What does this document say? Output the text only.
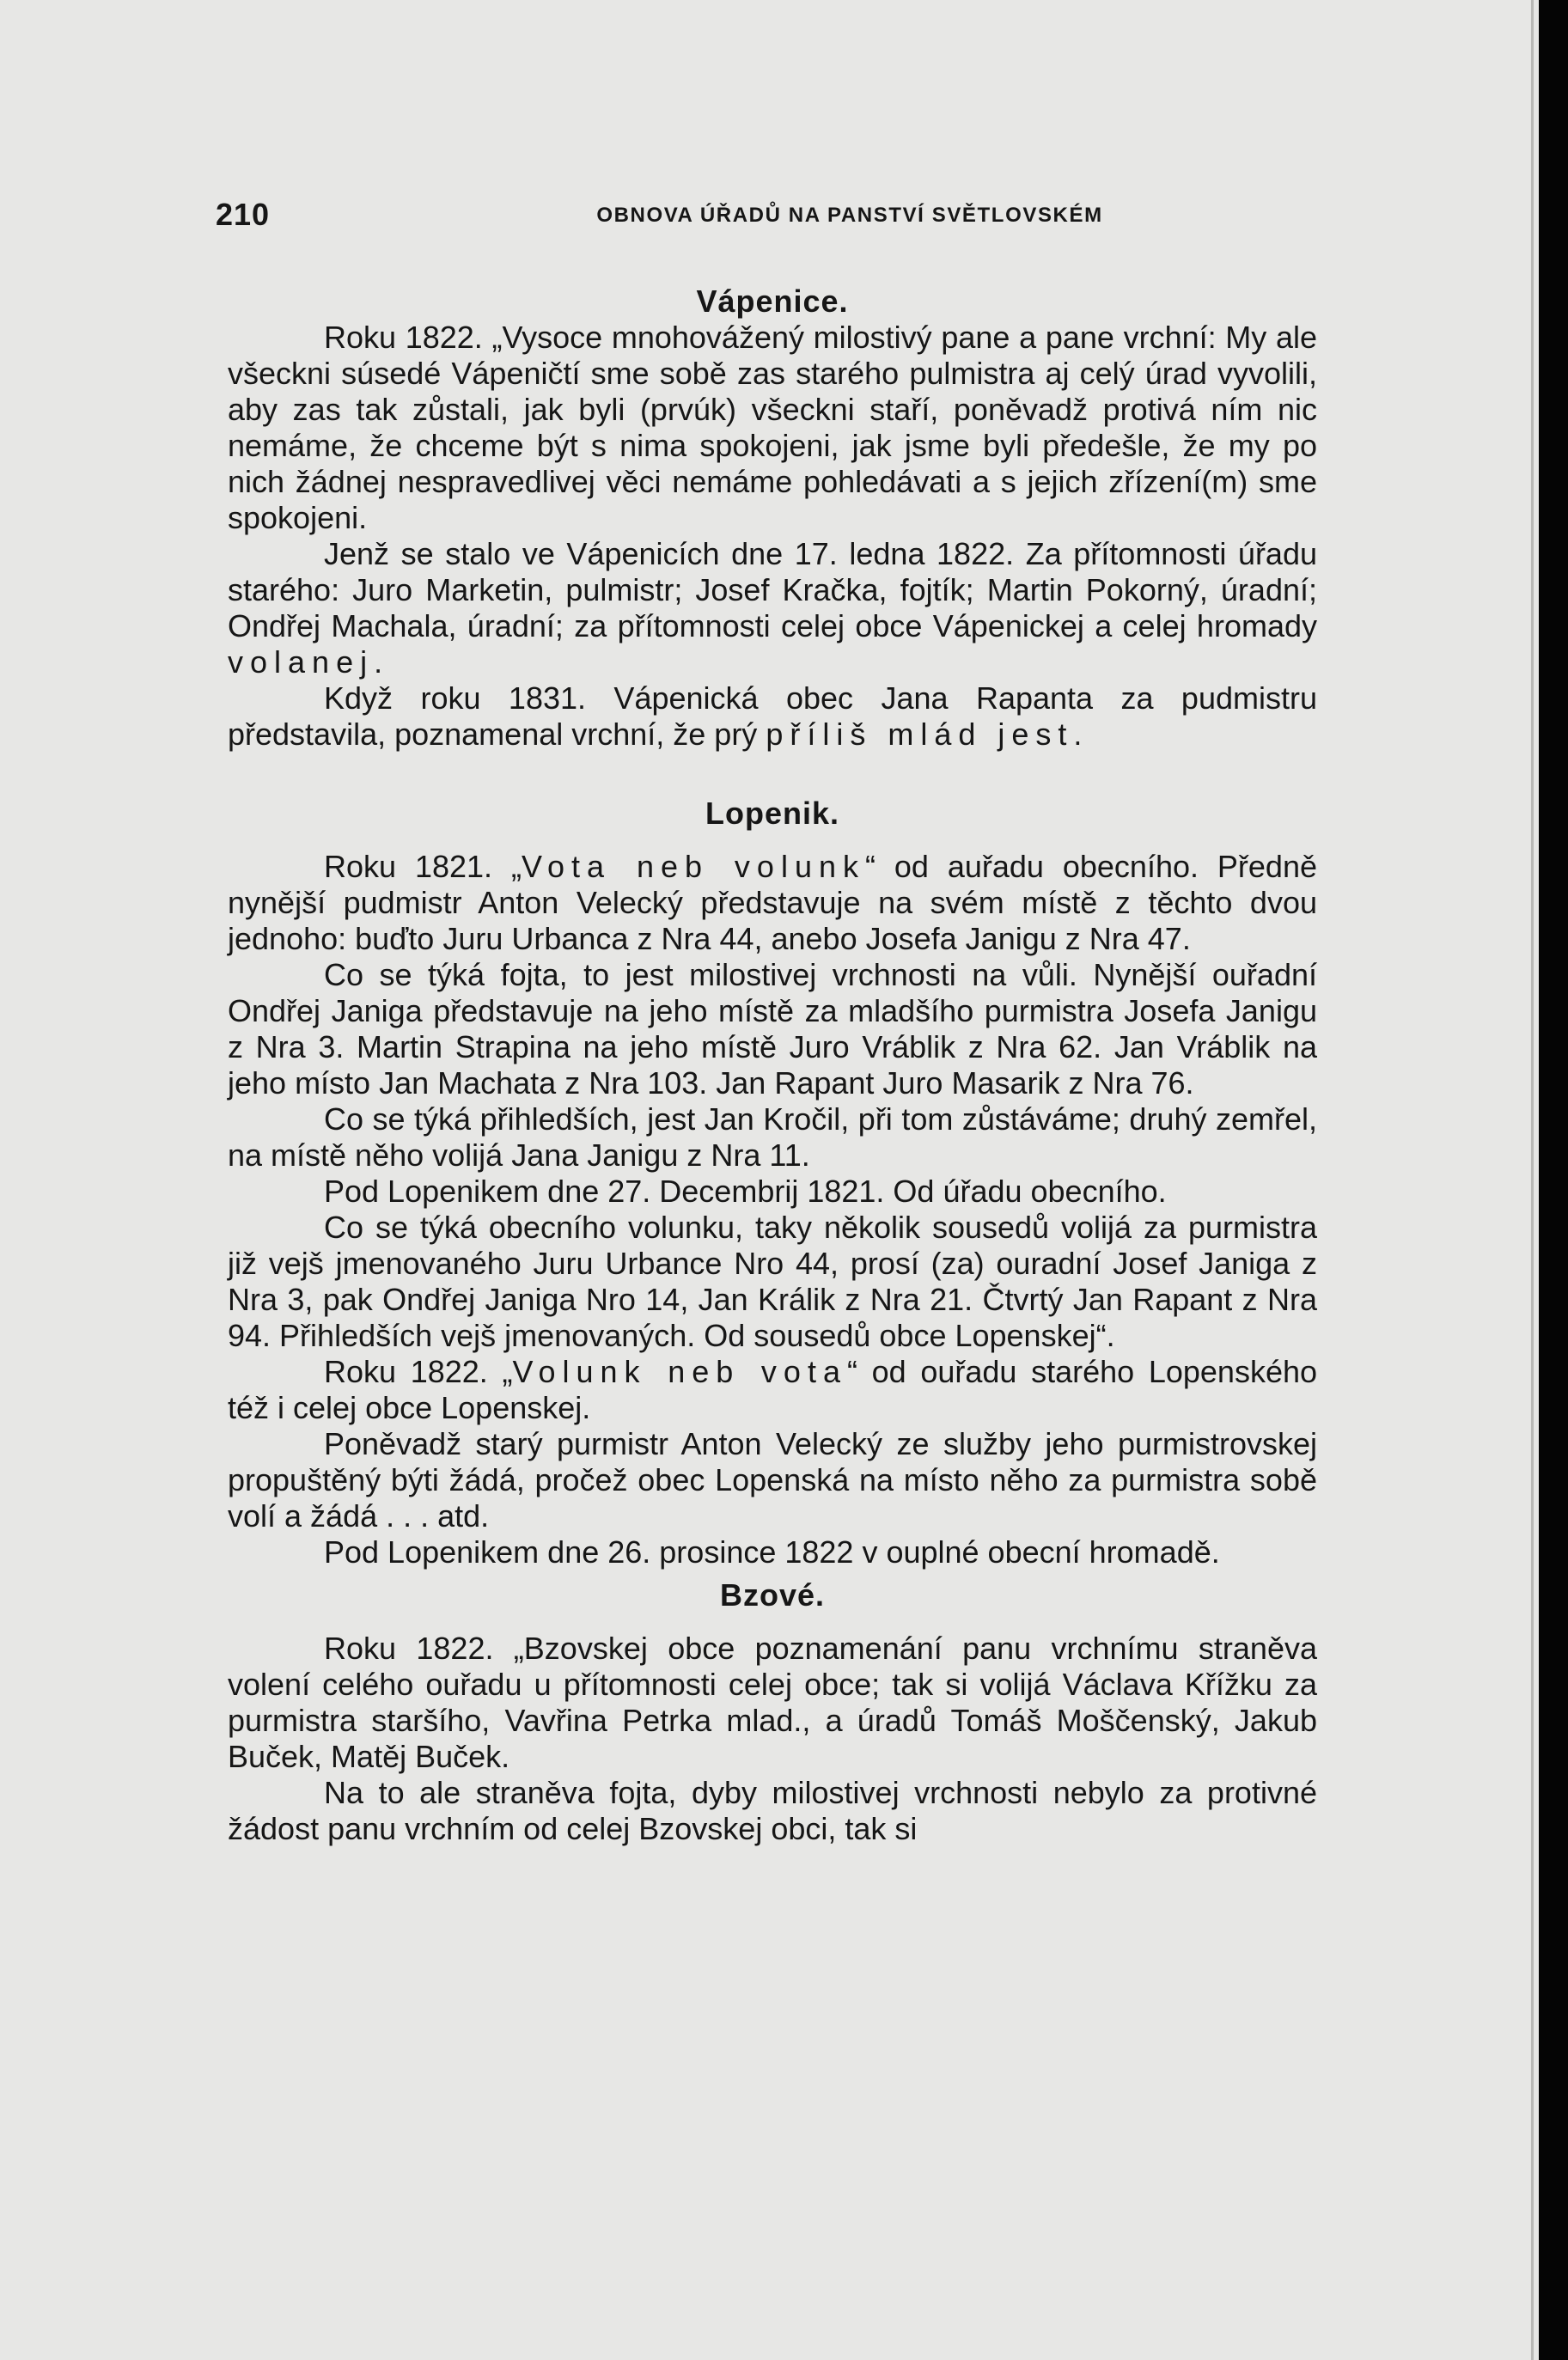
210	OBNOVA ÚŘADŮ NA PANSTVÍ SVĚTLOVSKÉM
Vápenice.

Roku 1822. „Vysoce mnohovážený milostivý pane a pane vrchní: My ale všeckni súsedé Vápeničtí sme sobě zas starého pulmistra aj celý úrad vyvolili, aby zas tak zůstali, jak byli (prvúk) všeckni staří, poněvadž protivá ním nic nemáme, že chceme být s nima spokojeni, jak jsme byli předešle, že my po nich žádnej nespravedlivej věci nemáme pohledávati a s jejich zřízení(m) sme spokojeni.

Jenž se stalo ve Vápenicích dne 17. ledna 1822. Za přítomnosti úřadu starého: Juro Marketin, pulmistr; Josef Kračka, fojtík; Martin Pokorný, úradní; Ondřej Machala, úradní; za přítomnosti celej obce Vápenickej a celej hromady volanej.

Když roku 1831. Vápenická obec Jana Rapanta za pudmistru představila, poznamenal vrchní, že prý příliš mlád jest.

Lopenik.

Roku 1821. „Vota neb volunk“ od auřadu obecního. Předně nynější pudmistr Anton Velecký představuje na svém místě z těchto dvou jednoho: buďto Juru Urbanca z Nra 44, anebo Josefa Janigu z Nra 47.

Co se týká fojta, to jest milostivej vrchnosti na vůli. Nynější ouřadní Ondřej Janiga představuje na jeho místě za mladšího purmistra Josefa Janigu z Nra 3. Martin Strapina na jeho místě Juro Vráblik z Nra 62. Jan Vráblik na jeho místo Jan Machata z Nra 103. Jan Rapant Juro Masarik z Nra 76.

Co se týká přihledších, jest Jan Kročil, při tom zůstáváme; druhý zemřel, na místě něho volijá Jana Janigu z Nra 11.

Pod Lopenikem dne 27. Decembrij 1821. Od úřadu obecního.

Co se týká obecního volunku, taky několik sousedů volijá za purmistra již vejš jmenovaného Juru Urbance Nro 44, prosí (za) ouradní Josef Janiga z Nra 3, pak Ondřej Janiga Nro 14, Jan Králik z Nra 21. Čtvrtý Jan Rapant z Nra 94. Přihledších vejš jmenovaných. Od sousedů obce Lopenskej“.

Roku 1822. „Volunk neb vota“ od ouřadu starého Lopenského též i celej obce Lopenskej.

Poněvadž starý purmistr Anton Velecký ze služby jeho purmistrovskej propuštěný býti žádá, pročež obec Lopenská na místo něho za purmistra sobě volí a žádá . . . atd.

Pod Lopenikem dne 26. prosince 1822 v ouplné obecní hromadě.

Bzové.

Roku 1822. „Bzovskej obce poznamenání panu vrchnímu straněva volení celého ouřadu u přítomnosti celej obce; tak si volijá Václava Křížku za purmistra staršího, Vavřina Petrka mlad., a úradů Tomáš Moščenský, Jakub Buček, Matěj Buček.

Na to ale straněva fojta, dyby milostivej vrchnosti nebylo za protivné žádost panu vrchním od celej Bzovskej obci, tak si
